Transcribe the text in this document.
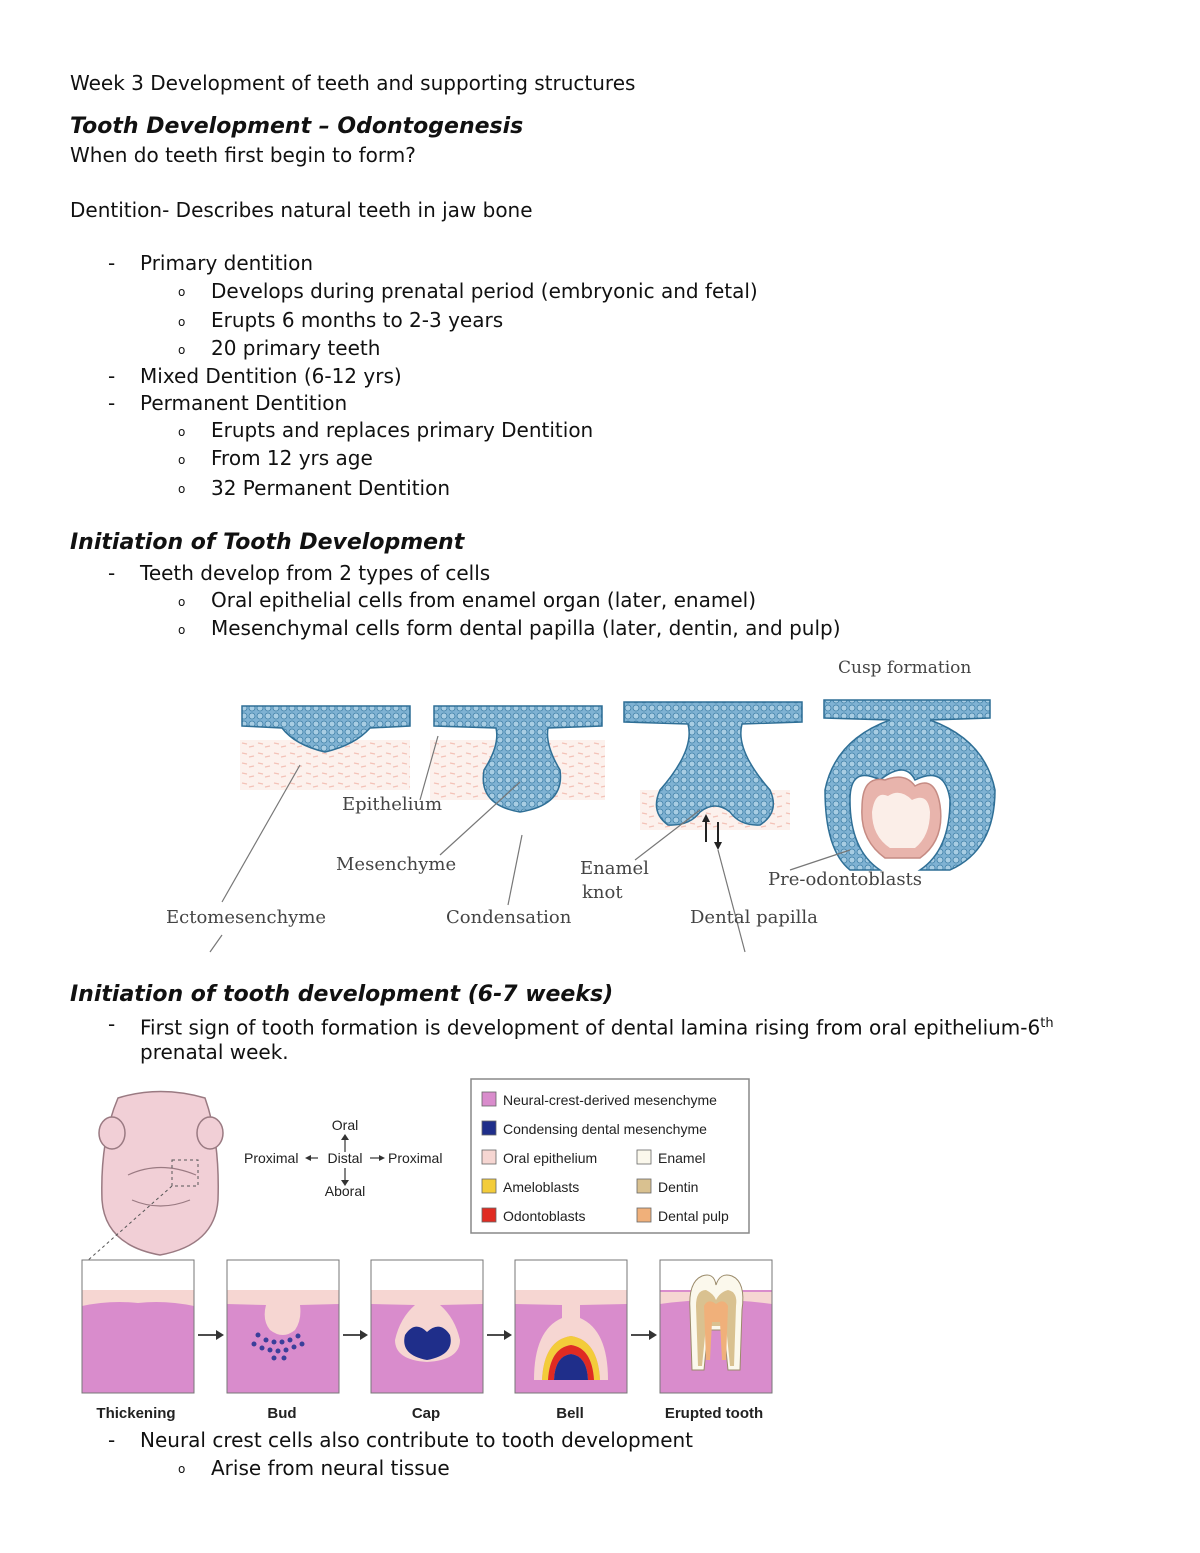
Week 3 Development of teeth and supporting structures
Tooth Development – Odontogenesis
When do teeth first begin to form?
Dentition- Describes natural teeth in jaw bone
- Primary dentition
o Develops during prenatal period (embryonic and fetal)
o Erupts 6 months to 2-3 years
o 20 primary teeth
- Mixed Dentition (6-12 yrs)
- Permanent Dentition
o Erupts and replaces primary Dentition
o From 12 yrs age
o 32 Permanent Dentition
Initiation of Tooth Development
- Teeth develop from 2 types of cells
o Oral epithelial cells from enamel organ (later, enamel)
o Mesenchymal cells form dental papilla (later, dentin, and pulp)
Cusp formation
Epithelium
Mesenchyme
Ectomesenchyme	Condensation
Enamel
knot
Dental papilla
Pre-odontoblasts
Initiation of tooth development (6-7 weeks)
- First sign of tooth formation is development of dental lamina rising from oral epithelium-6th
prenatal week.
Oral
Aboral
Proximal Distal Proximal
Neural-crest-derived mesenchyme
Condensing dental mesenchyme
Oral epithelium	Enamel
Ameloblasts	Dentin
Odontoblasts	Dental pulp
Thickening	Bud	Cap	Bell	Erupted tooth
- Neural crest cells also contribute to tooth development
o Arise from neural tissue
